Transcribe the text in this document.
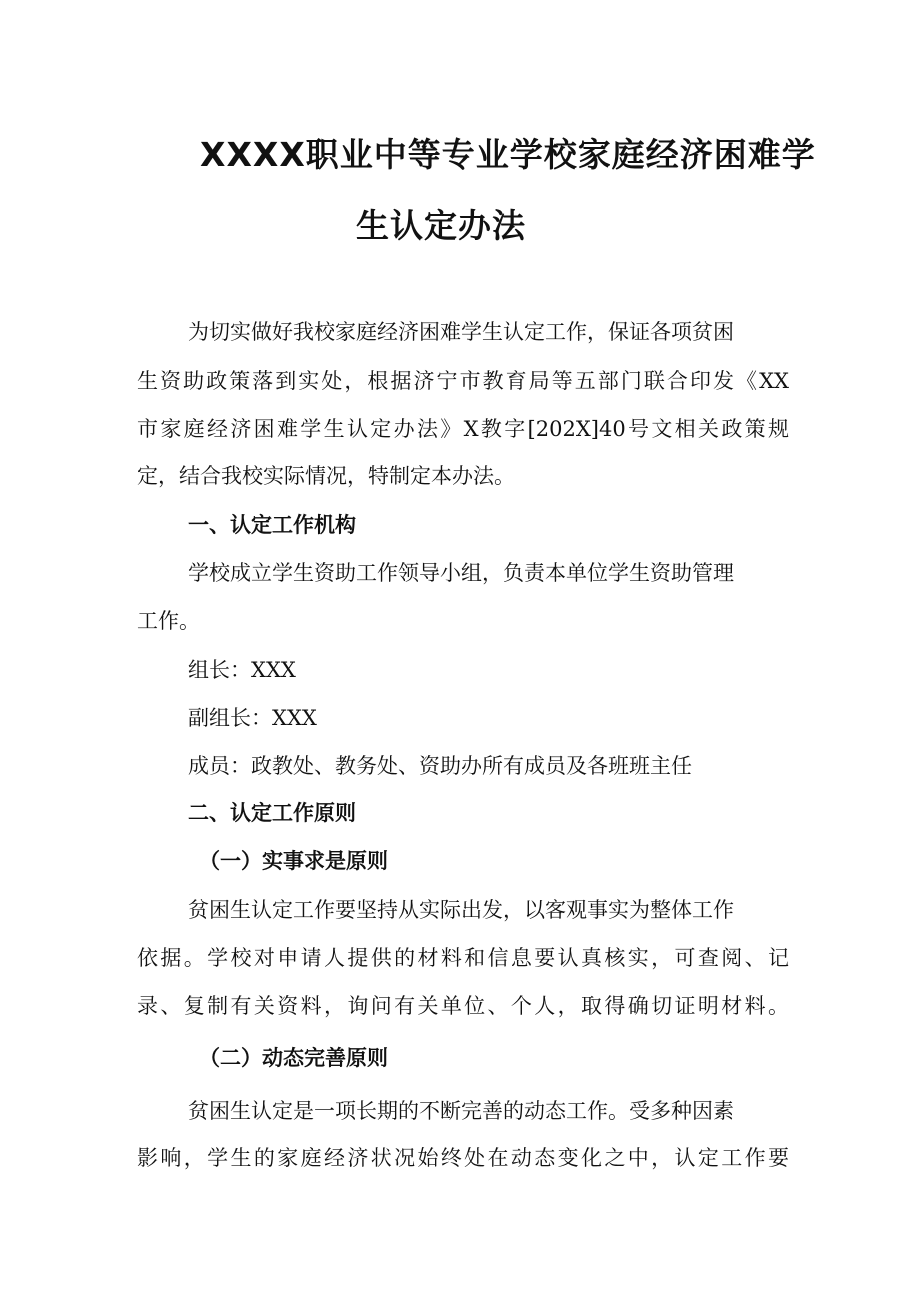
XXXX职业中等专业学校家庭经济困难学
生认定办法
为切实做好我校家庭经济困难学生认定工作，保证各项贫困
生资助政策落到实处，根据济宁市教育局等五部门联合印发《XX
市家庭经济困难学生认定办法》X教字[202X]40号文相关政策规
定，结合我校实际情况，特制定本办法。
一、认定工作机构
学校成立学生资助工作领导小组，负责本单位学生资助管理
工作。
组长：XXX
副组长：XXX
成员：政教处、教务处、资助办所有成员及各班班主任
二、认定工作原则
（一）实事求是原则
贫困生认定工作要坚持从实际出发，以客观事实为整体工作
依据。学校对申请人提供的材料和信息要认真核实，可查阅、记
录、复制有关资料，询问有关单位、个人，取得确切证明材料。
（二）动态完善原则
贫困生认定是一项长期的不断完善的动态工作。受多种因素
影响，学生的家庭经济状况始终处在动态变化之中，认定工作要
